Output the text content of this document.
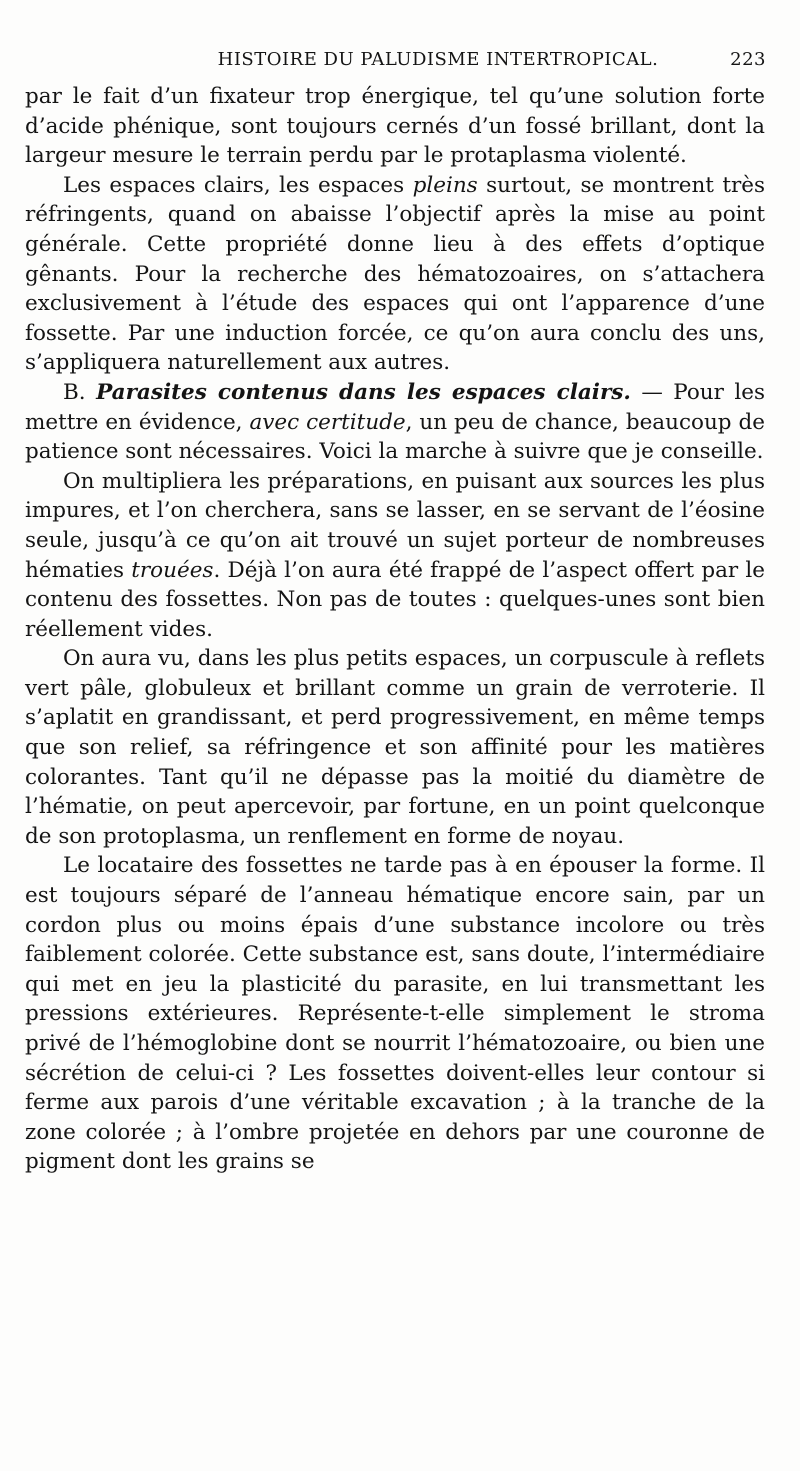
HISTOIRE DU PALUDISME INTERTROPICAL.	223

par le fait d’un fixateur trop énergique, tel qu’une solution forte d’acide phénique, sont toujours cernés d’un fossé brillant, dont la largeur mesure le terrain perdu par le protaplasma violenté.

Les espaces clairs, les espaces pleins surtout, se montrent très réfringents, quand on abaisse l’objectif après la mise au point générale. Cette propriété donne lieu à des effets d’optique gênants. Pour la recherche des hématozoaires, on s’attachera exclusivement à l’étude des espaces qui ont l’apparence d’une fossette. Par une induction forcée, ce qu’on aura conclu des uns, s’appliquera naturellement aux autres.

B. Parasites contenus dans les espaces clairs. — Pour les mettre en évidence, avec certitude, un peu de chance, beaucoup de patience sont nécessaires. Voici la marche à suivre que je conseille.

On multipliera les préparations, en puisant aux sources les plus impures, et l’on cherchera, sans se lasser, en se servant de l’éosine seule, jusqu’à ce qu’on ait trouvé un sujet porteur de nombreuses hématies trouées. Déjà l’on aura été frappé de l’aspect offert par le contenu des fossettes. Non pas de toutes : quelques-unes sont bien réellement vides.

On aura vu, dans les plus petits espaces, un corpuscule à reflets vert pâle, globuleux et brillant comme un grain de verroterie. Il s’aplatit en grandissant, et perd progressivement, en même temps que son relief, sa réfringence et son affinité pour les matières colorantes. Tant qu’il ne dépasse pas la moitié du diamètre de l’hématie, on peut apercevoir, par fortune, en un point quelconque de son protoplasma, un renflement en forme de noyau.

Le locataire des fossettes ne tarde pas à en épouser la forme. Il est toujours séparé de l’anneau hématique encore sain, par un cordon plus ou moins épais d’une substance incolore ou très faiblement colorée. Cette substance est, sans doute, l’intermédiaire qui met en jeu la plasticité du parasite, en lui transmettant les pressions extérieures. Représente-t-elle simplement le stroma privé de l’hémoglobine dont se nourrit l’hématozoaire, ou bien une sécrétion de celui-ci ? Les fossettes doivent-elles leur contour si ferme aux parois d’une véritable excavation ; à la tranche de la zone colorée ; à l’ombre projetée en dehors par une couronne de pigment dont les grains se
